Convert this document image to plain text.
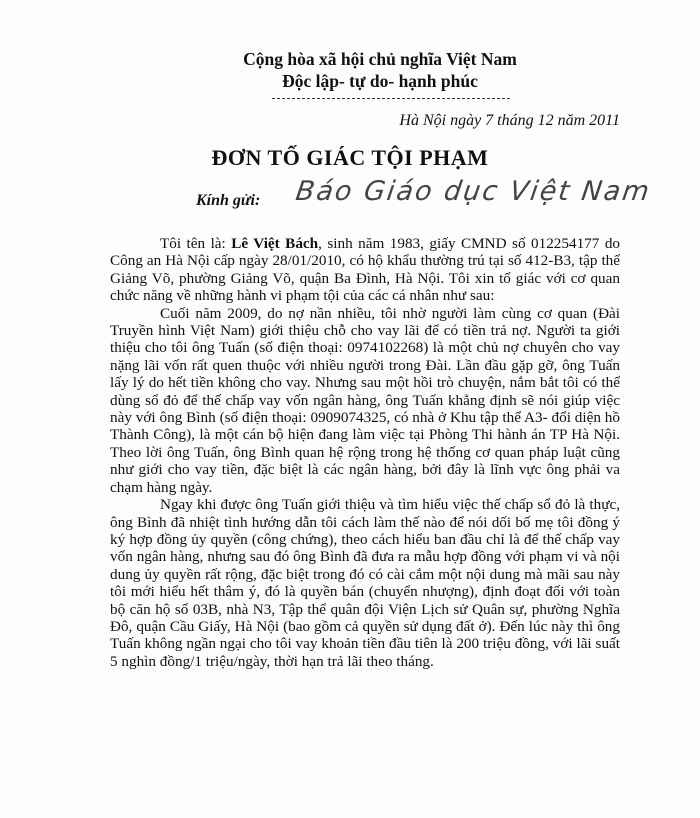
Cộng hòa xã hội chủ nghĩa Việt Nam
Độc lập- tự do- hạnh phúc
Hà Nội ngày 7 tháng 12 năm 2011
ĐƠN TỐ GIÁC TỘI PHẠM
Kính gửi: Báo Giáo dục Việt Nam

Tôi tên là: Lê Việt Bách, sinh năm 1983, giấy CMND số 012254177 do Công an Hà Nội cấp ngày 28/01/2010, có hộ khẩu thường trú tại số 412-B3, tập thể Giảng Võ, phường Giảng Võ, quận Ba Đình, Hà Nội. Tôi xin tố giác với cơ quan chức năng về những hành vi phạm tội của các cá nhân như sau:

Cuối năm 2009, do nợ nần nhiều, tôi nhờ người làm cùng cơ quan (Đài Truyền hình Việt Nam) giới thiệu chỗ cho vay lãi để có tiền trả nợ. Người ta giới thiệu cho tôi ông Tuấn (số điện thoại: 0974102268) là một chủ nợ chuyên cho vay nặng lãi vốn rất quen thuộc với nhiều người trong Đài. Lần đầu gặp gỡ, ông Tuấn lấy lý do hết tiền không cho vay. Nhưng sau một hồi trò chuyện, nắm bắt tôi có thể dùng sổ đỏ để thế chấp vay vốn ngân hàng, ông Tuấn khẳng định sẽ nói giúp việc này với ông Bình (số điện thoại: 0909074325, có nhà ở Khu tập thể A3- đối diện hồ Thành Công), là một cán bộ hiện đang làm việc tại Phòng Thi hành án TP Hà Nội. Theo lời ông Tuấn, ông Bình quan hệ rộng trong hệ thống cơ quan pháp luật cũng như giới cho vay tiền, đặc biệt là các ngân hàng, bởi đây là lĩnh vực ông phải va chạm hàng ngày.

Ngay khi được ông Tuấn giới thiệu và tìm hiểu việc thế chấp sổ đỏ là thực, ông Bình đã nhiệt tình hướng dẫn tôi cách làm thế nào để nói dối bố mẹ tôi đồng ý ký hợp đồng ủy quyền (công chứng), theo cách hiểu ban đầu chỉ là để thế chấp vay vốn ngân hàng, nhưng sau đó ông Bình đã đưa ra mẫu hợp đồng với phạm vi và nội dung ủy quyền rất rộng, đặc biệt trong đó có cài cắm một nội dung mà mãi sau này tôi mới hiểu hết thâm ý, đó là quyền bán (chuyển nhượng), định đoạt đối với toàn bộ căn hộ số 03B, nhà N3, Tập thể quân đội Viện Lịch sử Quân sự, phường Nghĩa Đô, quận Cầu Giấy, Hà Nội (bao gồm cả quyền sử dụng đất ở). Đến lúc này thì ông Tuấn không ngần ngại cho tôi vay khoản tiền đầu tiên là 200 triệu đồng, với lãi suất 5 nghìn đồng/1 triệu/ngày, thời hạn trả lãi theo tháng.
